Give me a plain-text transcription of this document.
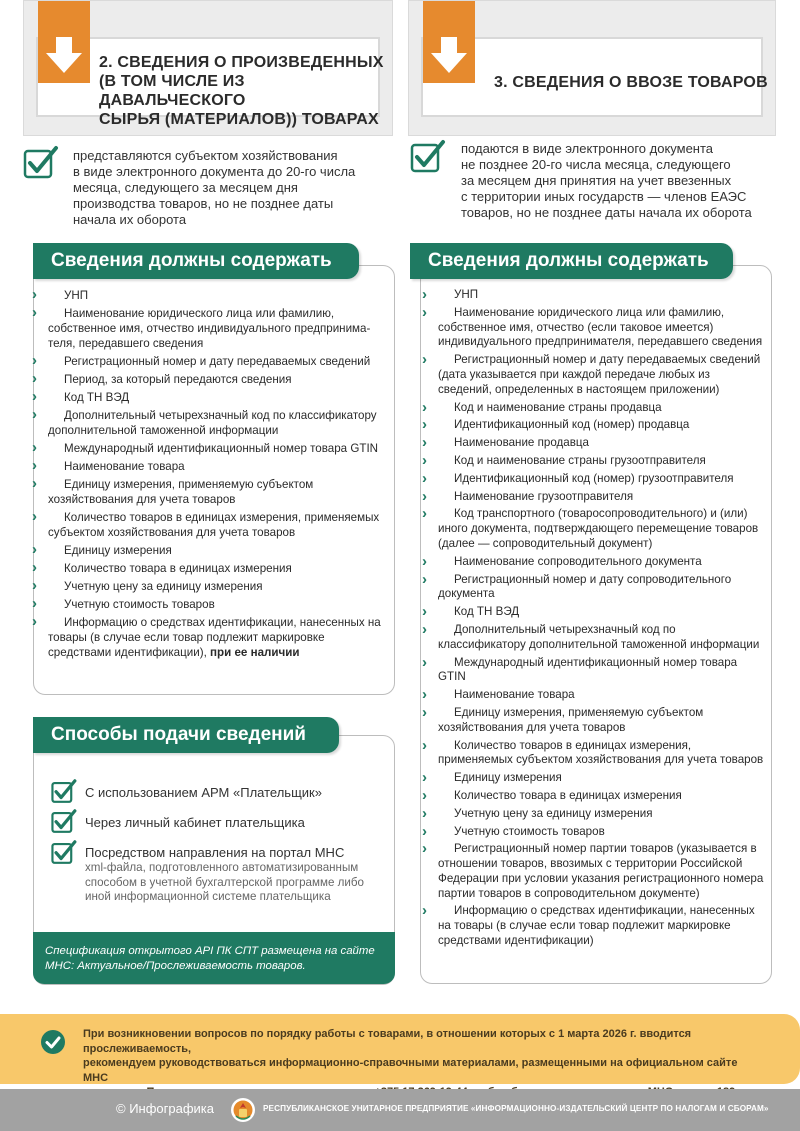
2. СВЕДЕНИЯ О ПРОИЗВЕДЕННЫХ
(В ТОМ ЧИСЛЕ ИЗ ДАВАЛЬЧЕСКОГО
СЫРЬЯ (МАТЕРИАЛОВ)) ТОВАРАХ
3. СВЕДЕНИЯ О ВВОЗЕ ТОВАРОВ
представляются субъектом хозяйствования
в виде электронного документа до 20-го числа
месяца, следующего за месяцем дня
производства товаров, но не позднее даты
начала их оборота
подаются в виде электронного документа
не позднее 20-го числа месяца, следующего
за месяцем дня принятия на учет ввезенных
с территории иных государств — членов ЕАЭС
товаров, но не позднее даты начала их оборота
Сведения должны содержать
› УНП
› Наименование юридического лица или фамилию, собственное имя, отчество индивидуального предпринима-теля, передавшего сведения
› Регистрационный номер и дату передаваемых сведений
› Период, за который передаются сведения
› Код ТН ВЭД
› Дополнительный четырехзначный код по классификатору дополнительной таможенной информации
› Международный идентификационный номер товара GTIN
› Наименование товара
› Единицу измерения, применяемую субъектом хозяйствования для учета товаров
› Количество товаров в единицах измерения, применяемых субъектом хозяйствования для учета товаров
› Единицу измерения
› Количество товара в единицах измерения
› Учетную цену за единицу измерения
› Учетную стоимость товаров
› Информацию о средствах идентификации, нанесенных на товары (в случае если товар подлежит маркировке средствами идентификации), при ее наличии
Способы подачи сведений
С использованием АРМ «Плательщик»
Через личный кабинет плательщика
Посредством направления на портал МНС
xml-файла, подготовленного автоматизированным способом в учетной бухгалтерской программе либо иной информационной системе плательщика
Спецификация открытого API ПК СПТ размещена на сайте МНС: Актуальное/Прослеживаемость товаров.
Сведения должны содержать
› УНП
› Наименование юридического лица или фамилию, собственное имя, отчество (если таковое имеется) индивидуального предпринимателя, передавшего сведения
› Регистрационный номер и дату передаваемых сведений (дата указывается при каждой передаче любых из сведений, определенных в настоящем приложении)
› Код и наименование страны продавца
› Идентификационный код (номер) продавца
› Наименование продавца
› Код и наименование страны грузоотправителя
› Идентификационный код (номер) грузоотправителя
› Наименование грузоотправителя
› Код транспортного (товаросопроводительного) и (или) иного документа, подтверждающего перемещение товаров (далее — сопроводительный документ)
› Наименование сопроводительного документа
› Регистрационный номер и дату сопроводительного документа
› Код ТН ВЭД
› Дополнительный четырехзначный код по классификатору дополнительной таможенной информации
› Международный идентификационный номер товара GTIN
› Наименование товара
› Единицу измерения, применяемую субъектом хозяйствования для учета товаров
› Количество товаров в единицах измерения, применяемых субъектом хозяйствования для учета товаров
› Единицу измерения
› Количество товара в единицах измерения
› Учетную цену за единицу измерения
› Учетную стоимость товаров
› Регистрационный номер партии товаров (указывается в отношении товаров, ввозимых с территории Российской Федерации при условии указания регистрационного номера партии товаров в сопроводительном документе)
› Информацию о средствах идентификации, нанесенных на товары (в случае если товар подлежит маркировке средствами идентификации)
При возникновении вопросов по порядку работы с товарами, в отношении которых с 1 марта 2026 г. вводится прослеживаемость,
рекомендуем руководствоваться информационно-справочными материалами, размещенными на официальном сайте МНС
© Инфографика	РЕСПУБЛИКАНСКОЕ УНИТАРНОЕ ПРЕДПРИЯТИЕ «ИНФОРМАЦИОННО-ИЗДАТЕЛЬСКИЙ ЦЕНТР ПО НАЛОГАМ И СБОРАМ»
